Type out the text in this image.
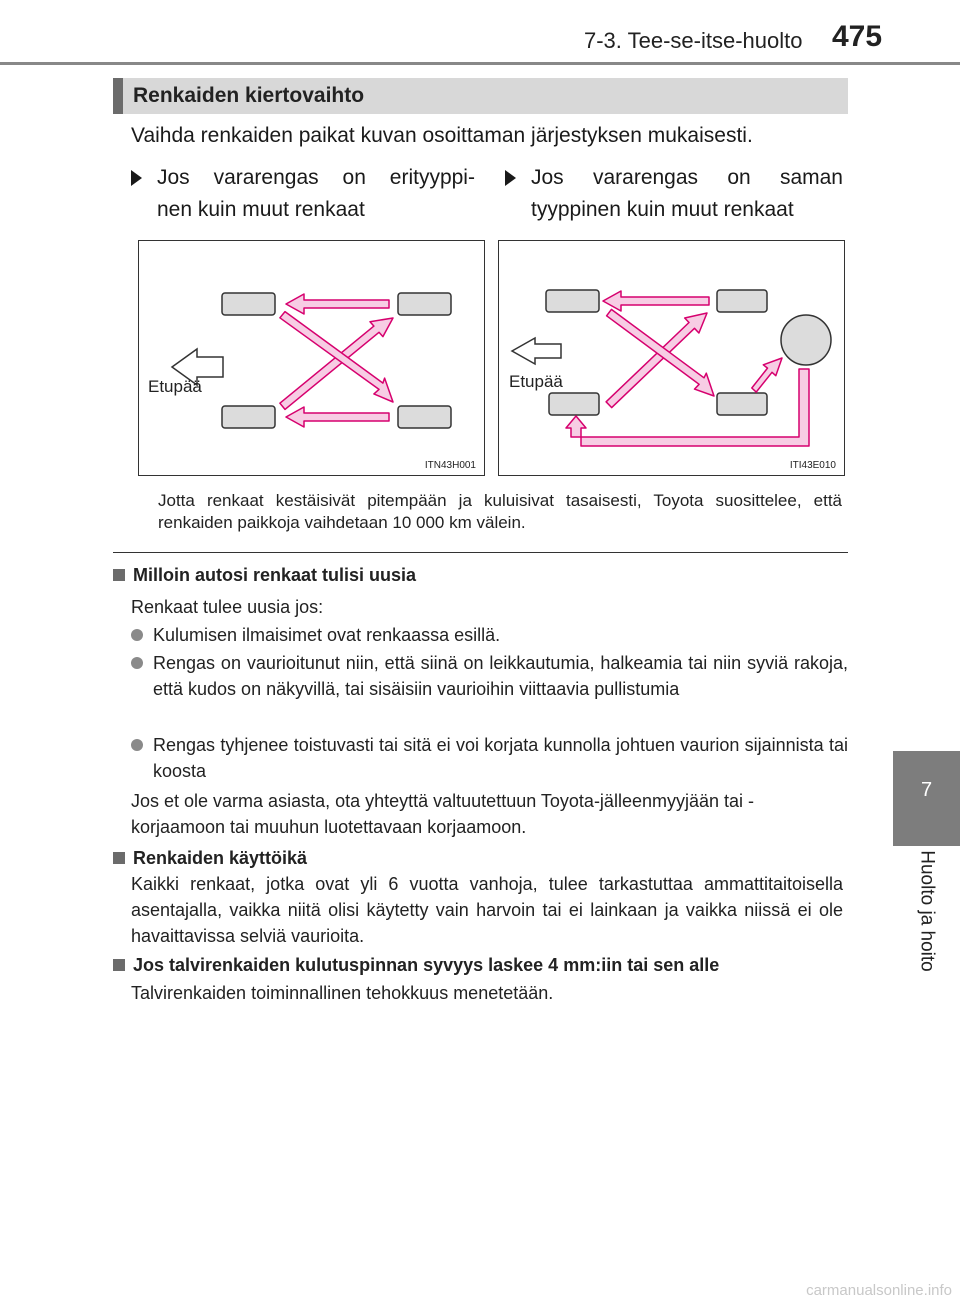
7-3. Tee-se-itse-huolto 475
7
Huolto ja hoito
Renkaiden kiertovaihto
Vaihda renkaiden paikat kuvan osoittaman järjestyksen mukaisesti.
Jos vararengas on erityyppi-
nen kuin muut renkaat
Jos vararengas on saman
tyyppinen kuin muut renkaat
Etupää
ITN43H001
Etupää
ITI43E010
Jotta renkaat kestäisivät pitempään ja kuluisivat tasaisesti, Toyota suosittelee, että renkaiden paikkoja vaihdetaan 10 000 km välein.
Milloin autosi renkaat tulisi uusia
Renkaat tulee uusia jos:
Kulumisen ilmaisimet ovat renkaassa esillä.
Rengas on vaurioitunut niin, että siinä on leikkautumia, halkeamia tai niin syviä rakoja, että kudos on näkyvillä, tai sisäisiin vaurioihin viittaavia pullistumia
Rengas tyhjenee toistuvasti tai sitä ei voi korjata kunnolla johtuen vaurion sijainnista tai koosta
Jos et ole varma asiasta, ota yhteyttä valtuutettuun Toyota-jälleenmyyjään tai -korjaamoon tai muuhun luotettavaan korjaamoon.
Renkaiden käyttöikä
Kaikki renkaat, jotka ovat yli 6 vuotta vanhoja, tulee tarkastuttaa ammattitaitoisella asentajalla, vaikka niitä olisi käytetty vain harvoin tai ei lainkaan ja vaikka niissä ei ole havaittavissa selviä vaurioita.
Jos talvirenkaiden kulutuspinnan syvyys laskee 4 mm:iin tai sen alle
Talvirenkaiden toiminnallinen tehokkuus menetetään.
carmanualsonline.info
